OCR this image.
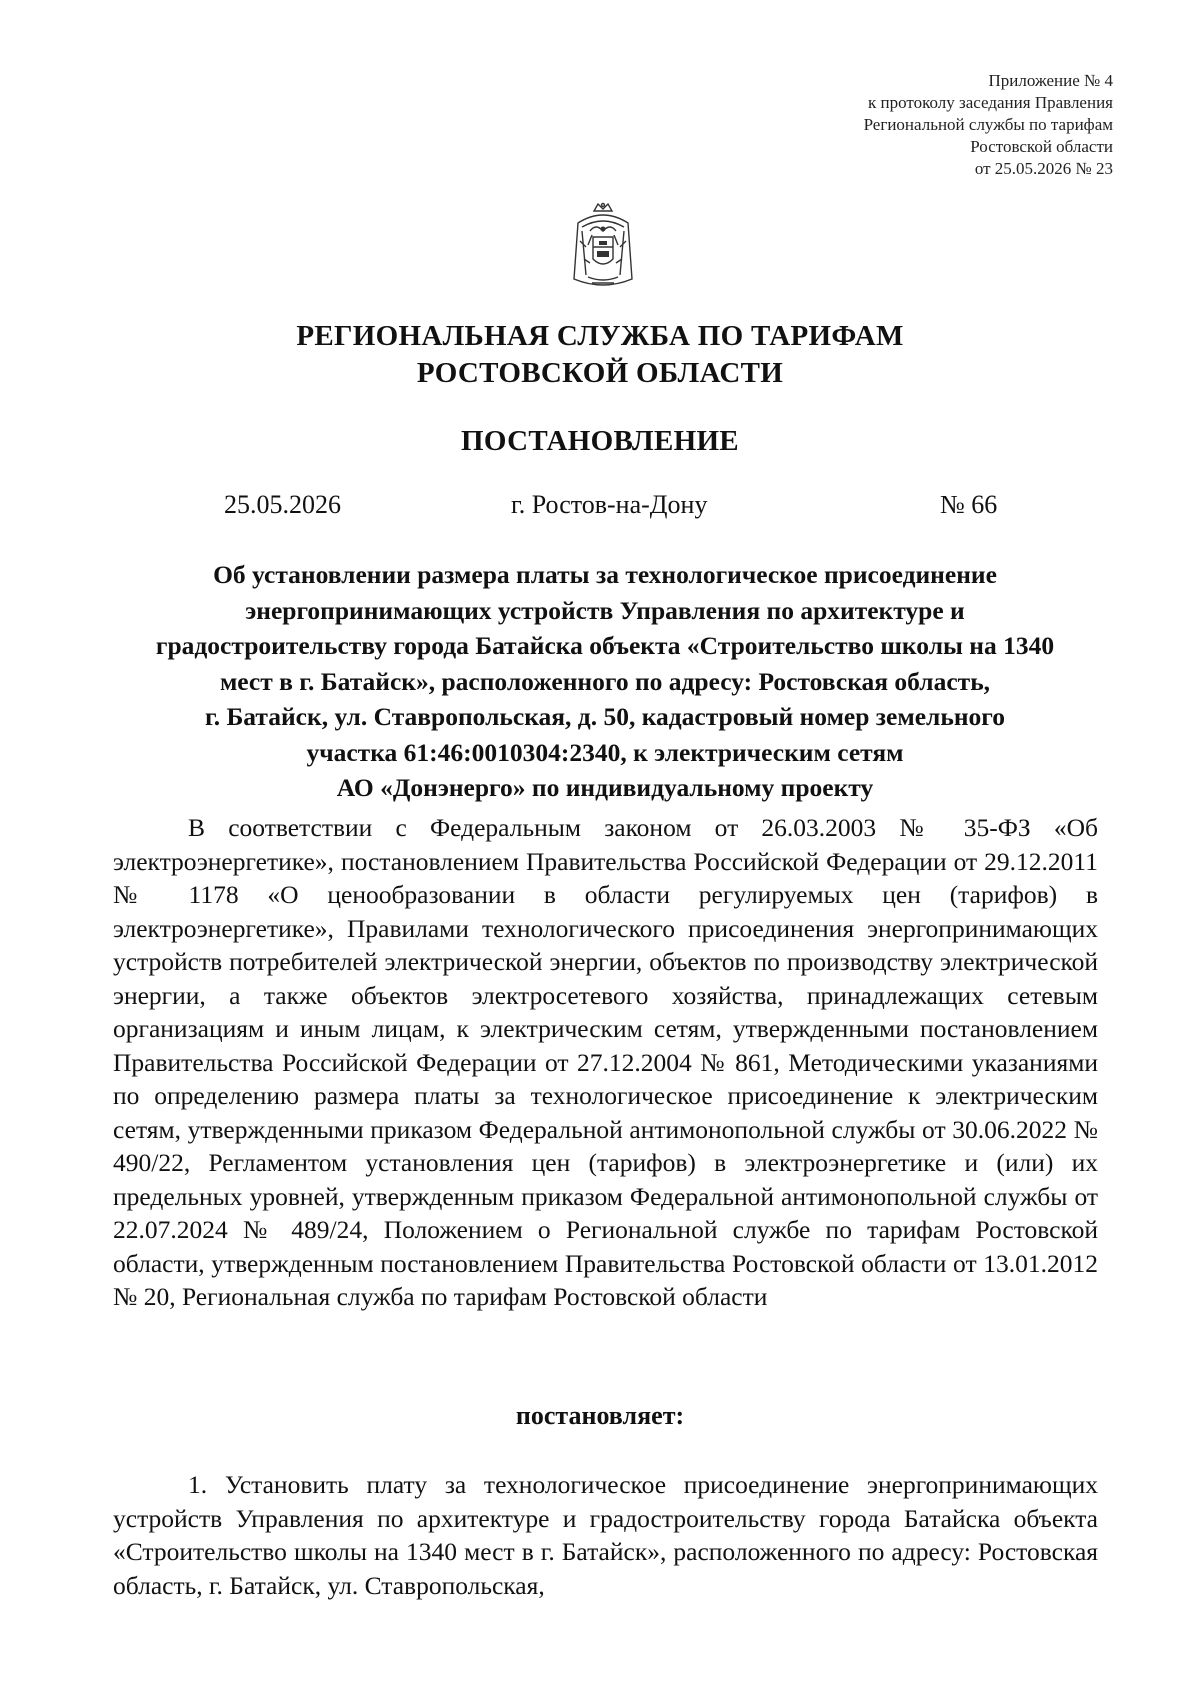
Приложение № 4
к протоколу заседания Правления
Региональной службы по тарифам
Ростовской области
от 25.05.2026 № 23
РЕГИОНАЛЬНАЯ СЛУЖБА ПО ТАРИФАМ
РОСТОВСКОЙ ОБЛАСТИ
ПОСТАНОВЛЕНИЕ
25.05.2026	г. Ростов-на-Дону	№ 66
Об установлении размера платы за технологическое присоединение
энергопринимающих устройств Управления по архитектуре и
градостроительству города Батайска объекта «Строительство школы на 1340
мест в г. Батайск», расположенного по адресу: Ростовская область,
г. Батайск, ул. Ставропольская, д. 50, кадастровый номер земельного
участка 61:46:0010304:2340, к электрическим сетям
АО «Донэнерго» по индивидуальному проекту
В соответствии с Федеральным законом от 26.03.2003 № 35-ФЗ «Об электроэнергетике», постановлением Правительства Российской Федерации от 29.12.2011 № 1178 «О ценообразовании в области регулируемых цен (тарифов) в электроэнергетике», Правилами технологического присоединения энергопринимающих устройств потребителей электрической энергии, объектов по производству электрической энергии, а также объектов электросетевого хозяйства, принадлежащих сетевым организациям и иным лицам, к электрическим сетям, утвержденными постановлением Правительства Российской Федерации от 27.12.2004 № 861, Методическими указаниями по определению размера платы за технологическое присоединение к электрическим сетям, утвержденными приказом Федеральной антимонопольной службы от 30.06.2022 № 490/22, Регламентом установления цен (тарифов) в электроэнергетике и (или) их предельных уровней, утвержденным приказом Федеральной антимонопольной службы от 22.07.2024 № 489/24, Положением о Региональной службе по тарифам Ростовской области, утвержденным постановлением Правительства Ростовской области от 13.01.2012 № 20, Региональная служба по тарифам Ростовской области
постановляет:
1. Установить плату за технологическое присоединение энергопринимающих устройств Управления по архитектуре и градостроительству города Батайска объекта «Строительство школы на 1340 мест в г. Батайск», расположенного по адресу: Ростовская область, г. Батайск, ул. Ставропольская,
